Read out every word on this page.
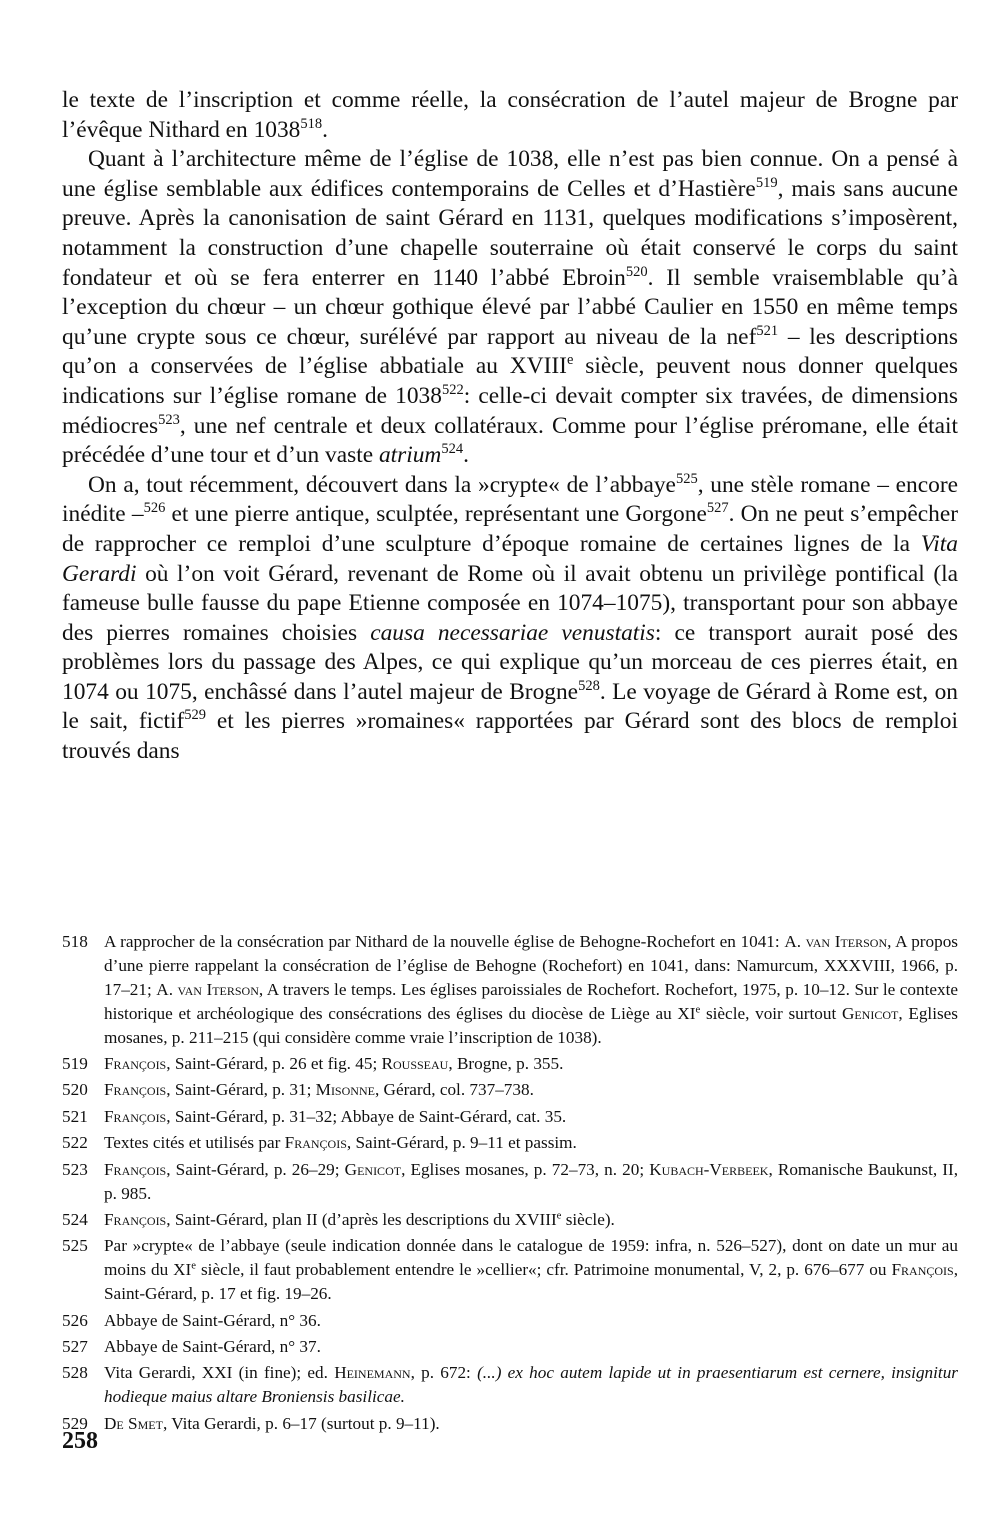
le texte de l’inscription et comme réelle, la consécration de l’autel majeur de Brogne par l’évêque Nithard en 1038$^{518}$.

Quant à l’architecture même de l’église de 1038, elle n’est pas bien connue. On a pensé à une église semblable aux édifices contemporains de Celles et d’Hastière$^{519}$, mais sans aucune preuve. Après la canonisation de saint Gérard en 1131, quelques modifications s’imposèrent, notamment la construction d’une chapelle souterraine où était conservé le corps du saint fondateur et où se fera enterrer en 1140 l’abbé Ebroin$^{520}$. Il semble vraisemblable qu’à l’exception du chœur – un chœur gothique élevé par l’abbé Caulier en 1550 en même temps qu’une crypte sous ce chœur, surélévé par rapport au niveau de la nef$^{521}$ – les descriptions qu’on a conservées de l’église abbatiale au XVIIIe siècle, peuvent nous donner quelques indications sur l’église romane de 1038$^{522}$: celle-ci devait compter six travées, de dimensions médiocres$^{523}$, une nef centrale et deux collatéraux. Comme pour l’église préromane, elle était précédée d’une tour et d’un vaste atrium$^{524}$.

On a, tout récemment, découvert dans la »crypte« de l’abbaye$^{525}$, une stèle romane – encore inédite –$^{526}$ et une pierre antique, sculptée, représentant une Gorgone$^{527}$. On ne peut s’empêcher de rapprocher ce remploi d’une sculpture d’époque romaine de certaines lignes de la Vita Gerardi où l’on voit Gérard, revenant de Rome où il avait obtenu un privilège pontifical (la fameuse bulle fausse du pape Etienne composée en 1074–1075), transportant pour son abbaye des pierres romaines choisies causa necessariae venustatis: ce transport aurait posé des problèmes lors du passage des Alpes, ce qui explique qu’un morceau de ces pierres était, en 1074 ou 1075, enchâssé dans l’autel majeur de Brogne$^{528}$. Le voyage de Gérard à Rome est, on le sait, fictif$^{529}$ et les pierres »romaines« rapportées par Gérard sont des blocs de remploi trouvés dans

518 A rapprocher de la consécration par Nithard de la nouvelle église de Behogne-Rochefort en 1041: A. van Iterson, A propos d’une pierre rappelant la consécration de l’église de Behogne (Rochefort) en 1041, dans: Namurcum, XXXVIII, 1966, p. 17–21; A. van Iterson, A travers le temps. Les églises paroissiales de Rochefort. Rochefort, 1975, p. 10–12. Sur le contexte historique et archéologique des consécrations des églises du diocèse de Liège au XIe siècle, voir surtout Genicot, Eglises mosanes, p. 211–215 (qui considère comme vraie l’inscription de 1038).
519 François, Saint-Gérard, p. 26 et fig. 45; Rousseau, Brogne, p. 355.
520 François, Saint-Gérard, p. 31; Misonne, Gérard, col. 737–738.
521 François, Saint-Gérard, p. 31–32; Abbaye de Saint-Gérard, cat. 35.
522 Textes cités et utilisés par François, Saint-Gérard, p. 9–11 et passim.
523 François, Saint-Gérard, p. 26–29; Genicot, Eglises mosanes, p. 72–73, n. 20; Kubach-Verbeek, Romanische Baukunst, II, p. 985.
524 François, Saint-Gérard, plan II (d’après les descriptions du XVIIIe siècle).
525 Par »crypte« de l’abbaye (seule indication donnée dans le catalogue de 1959: infra, n. 526–527), dont on date un mur au moins du XIe siècle, il faut probablement entendre le »cellier«; cfr. Patrimoine monumental, V, 2, p. 676–677 ou François, Saint-Gérard, p. 17 et fig. 19–26.
526 Abbaye de Saint-Gérard, n° 36.
527 Abbaye de Saint-Gérard, n° 37.
528 Vita Gerardi, XXI (in fine); ed. Heinemann, p. 672: (...) ex hoc autem lapide ut in praesentiarum est cernere, insignitur hodieque maius altare Broniensis basilicae.
529 De Smet, Vita Gerardi, p. 6–17 (surtout p. 9–11).
258
